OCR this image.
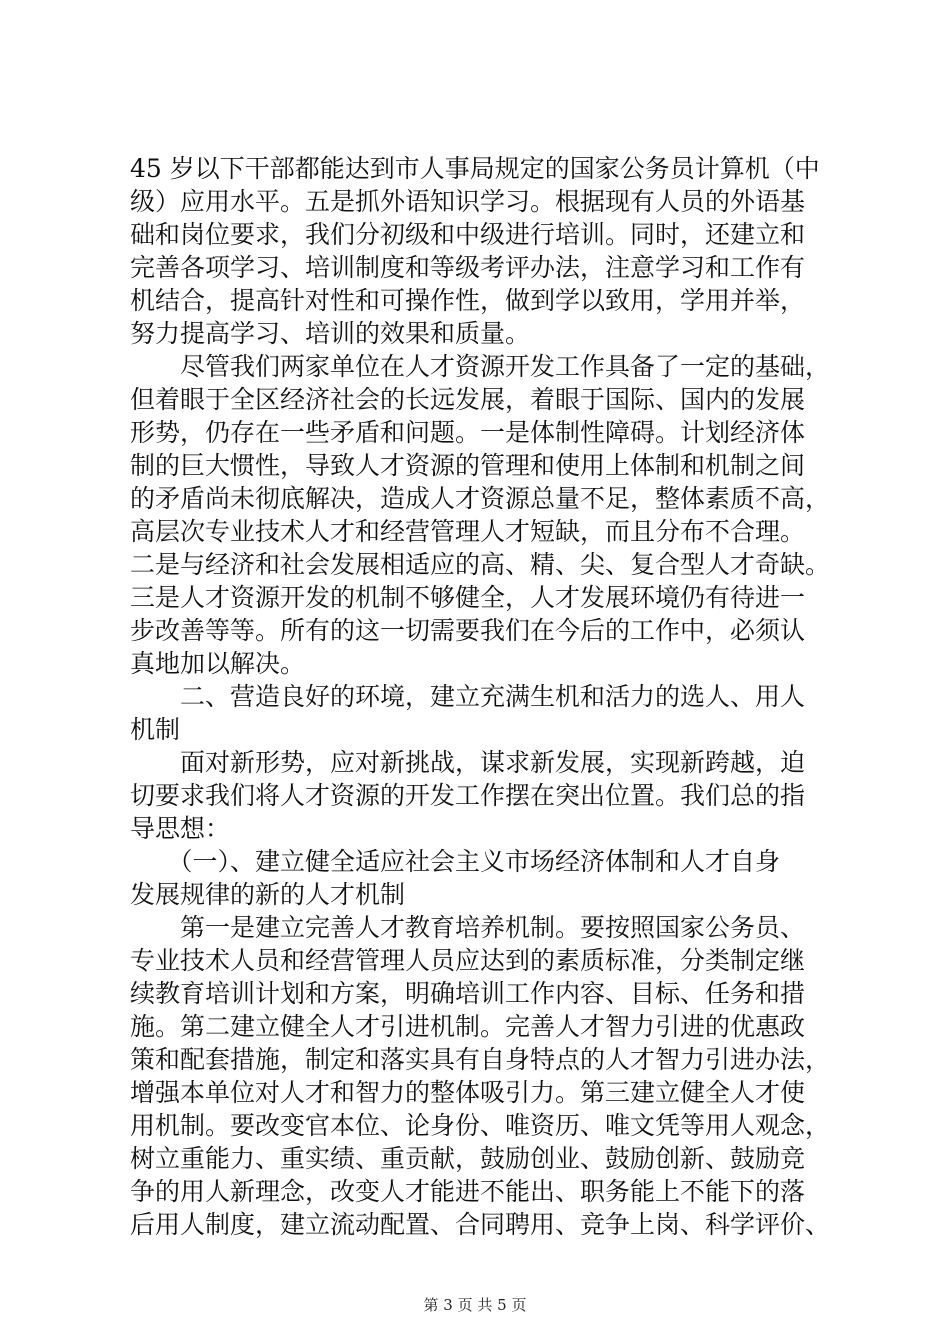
45 岁以下干部都能达到市人事局规定的国家公务员计算机（中
级）应用水平。五是抓外语知识学习。根据现有人员的外语基
础和岗位要求，我们分初级和中级进行培训。同时，还建立和
完善各项学习、培训制度和等级考评办法，注意学习和工作有
机结合，提高针对性和可操作性，做到学以致用，学用并举，
努力提高学习、培训的效果和质量。
　　尽管我们两家单位在人才资源开发工作具备了一定的基础，
但着眼于全区经济社会的长远发展，着眼于国际、国内的发展
形势，仍存在一些矛盾和问题。一是体制性障碍。计划经济体
制的巨大惯性，导致人才资源的管理和使用上体制和机制之间
的矛盾尚未彻底解决，造成人才资源总量不足，整体素质不高，
高层次专业技术人才和经营管理人才短缺，而且分布不合理。
二是与经济和社会发展相适应的高、精、尖、复合型人才奇缺。
三是人才资源开发的机制不够健全，人才发展环境仍有待进一
步改善等等。所有的这一切需要我们在今后的工作中，必须认
真地加以解决。
　　二、营造良好的环境，建立充满生机和活力的选人、用人
机制
　　面对新形势，应对新挑战，谋求新发展，实现新跨越，迫
切要求我们将人才资源的开发工作摆在突出位置。我们总的指
导思想：
　　（一）、建立健全适应社会主义市场经济体制和人才自身
发展规律的新的人才机制
　　第一是建立完善人才教育培养机制。要按照国家公务员、
专业技术人员和经营管理人员应达到的素质标准，分类制定继
续教育培训计划和方案，明确培训工作内容、目标、任务和措
施。第二建立健全人才引进机制。完善人才智力引进的优惠政
策和配套措施，制定和落实具有自身特点的人才智力引进办法，
增强本单位对人才和智力的整体吸引力。第三建立健全人才使
用机制。要改变官本位、论身份、唯资历、唯文凭等用人观念，
树立重能力、重实绩、重贡献，鼓励创业、鼓励创新、鼓励竞
争的用人新理念，改变人才能进不能出、职务能上不能下的落
后用人制度，建立流动配置、合同聘用、竞争上岗、科学评价、
第 3 页 共 5 页
